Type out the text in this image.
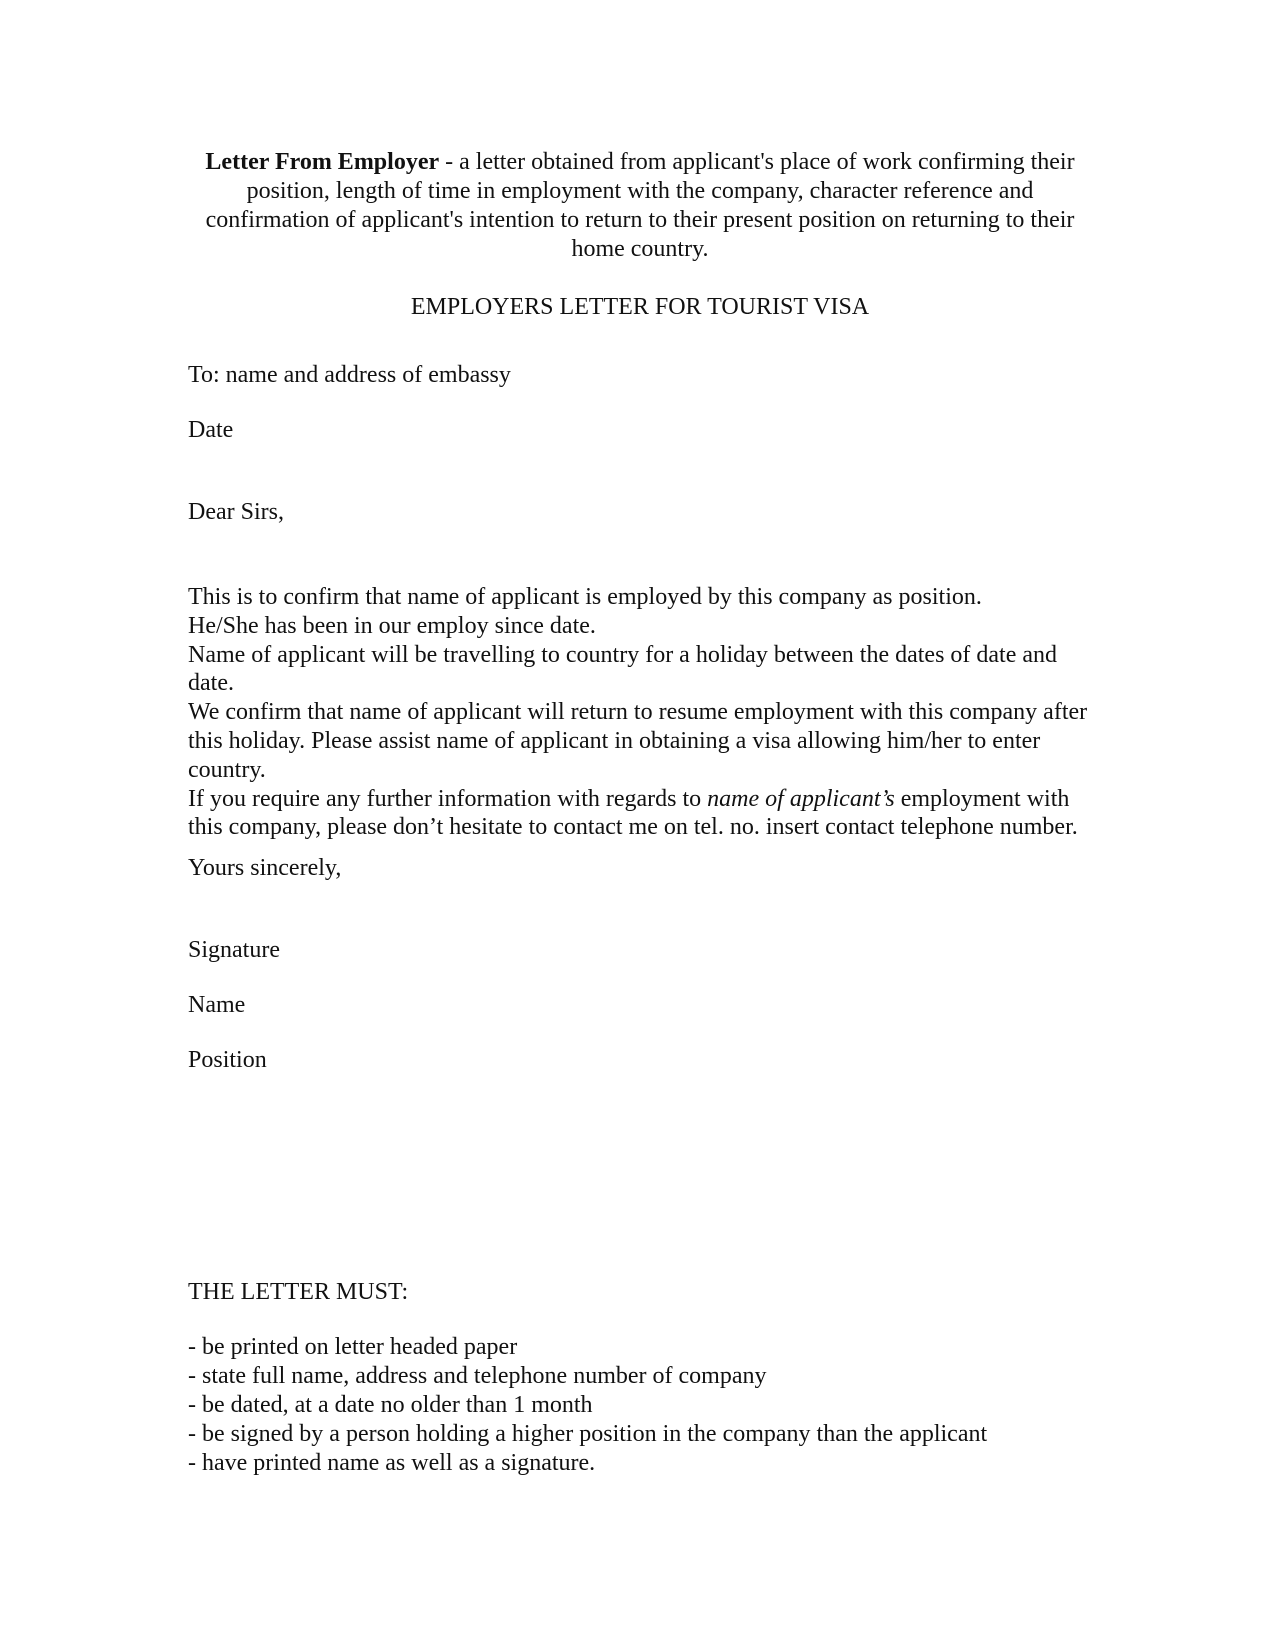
Letter From Employer - a letter obtained from applicant's place of work confirming their position, length of time in employment with the company, character reference and confirmation of applicant's intention to return to their present position on returning to their home country.
EMPLOYERS LETTER FOR TOURIST VISA
To: name and address of embassy
Date
Dear Sirs,

This is to confirm that name of applicant is employed by this company as position.

He/She has been in our employ since date.

Name of applicant will be travelling to country for a holiday between the dates of date and date.

We confirm that name of applicant will return to resume employment with this company after this holiday. Please assist name of applicant in obtaining a visa allowing him/her to enter country.

If you require any further information with regards to name of applicant’s employment with this company, please don’t hesitate to contact me on tel. no. insert contact telephone number.

Yours sincerely,
Signature
Name
Position
THE LETTER MUST:
- be printed on letter headed paper
- state full name, address and telephone number of company
- be dated, at a date no older than 1 month
- be signed by a person holding a higher position in the company than the applicant
- have printed name as well as a signature.
